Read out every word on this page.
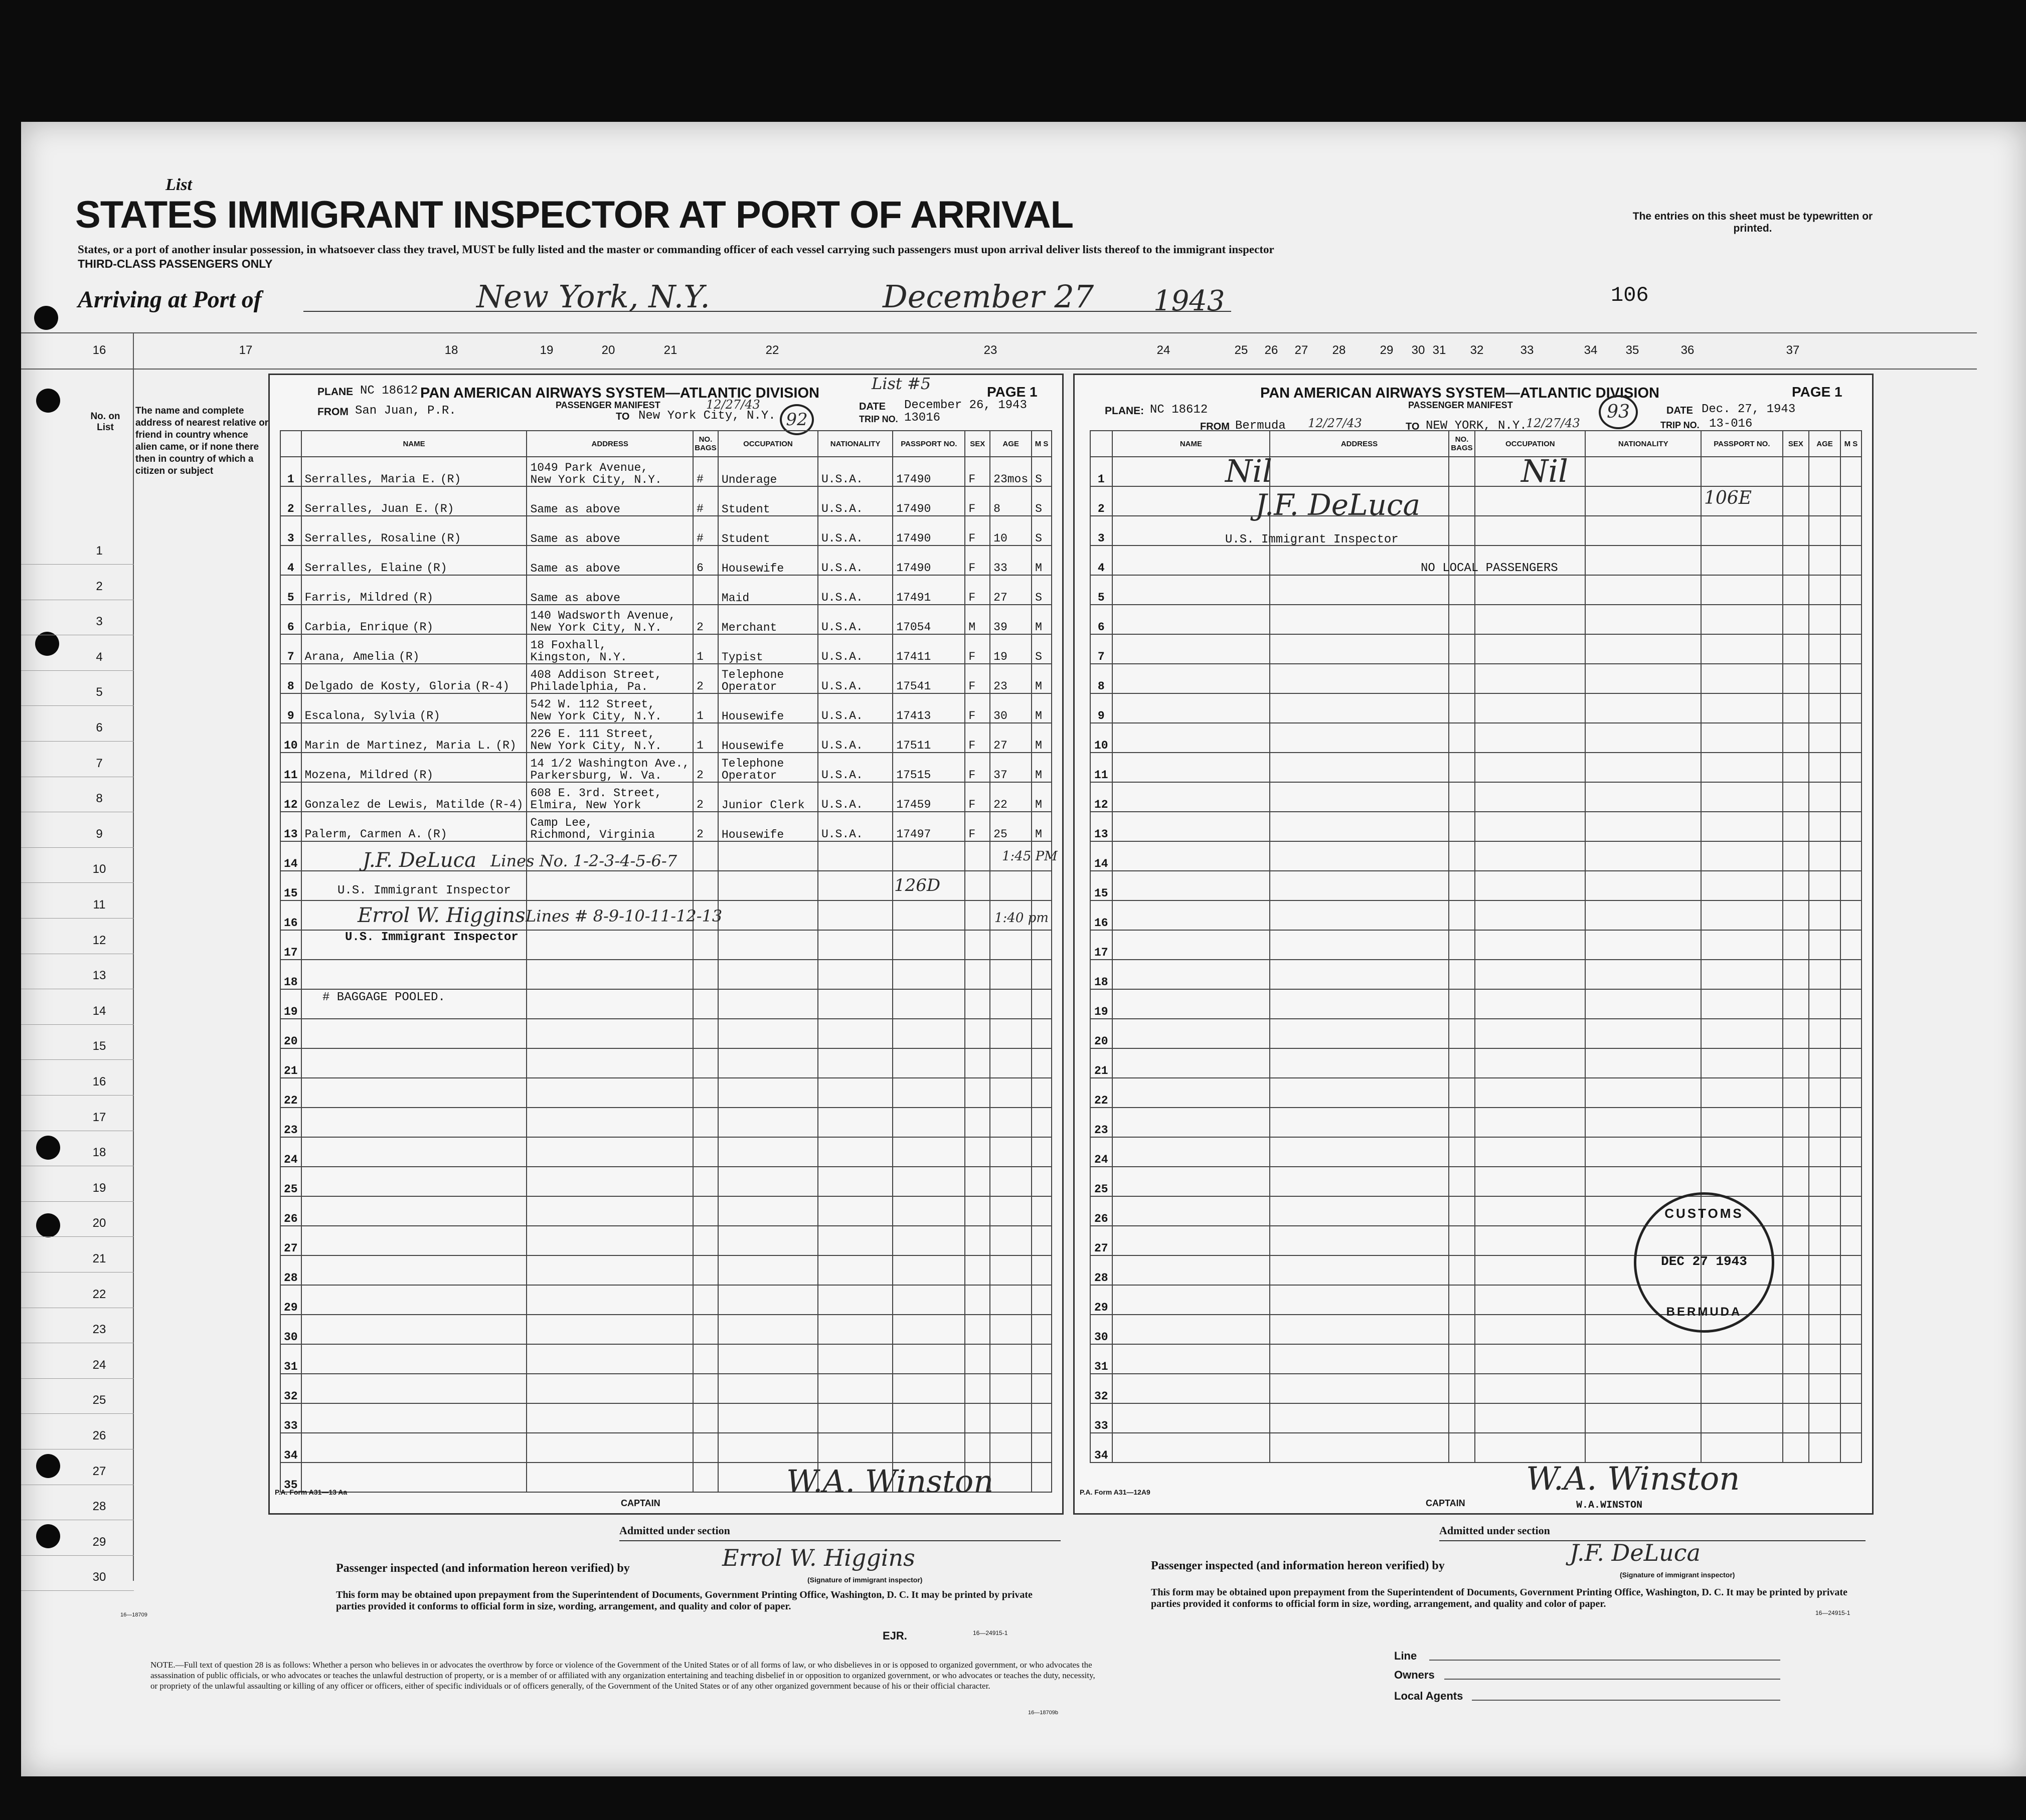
List
The entries on this sheet must be typewritten or printed.
STATES IMMIGRANT INSPECTOR AT PORT OF ARRIVAL
States, or a port of another insular possession, in whatsoever class they travel, MUST be fully listed and the master or commanding officer of each vessel carrying such passengers must upon arrival deliver lists thereof to the immigrant inspector
THIRD-CLASS PASSENGERS ONLY
Arriving at Port of	New York, N.Y.	December 27 1943	106
16	17	18	19	20	21	22	23	24	25	26	27	28	29	30 31	32	33	34	35	36	37
No. on List
The name and complete address of nearest relative or friend in country whence alien came, or if none there then in country of which a citizen or subject
1
2
3
4
5
6
7
8
9
10
11
12
13
14
15
16
17
18
19
20
21
22
23
24
25
26
27
28
29
30
PLANE NC 18612 PAN AMERICAN AIRWAYS SYSTEM—ATLANTIC DIVISION	List #5	PAGE 1
FROM San Juan, P.R.	PASSENGER MANIFEST	12/27/43
TO New York City, N.Y. 92
DATE December 26, 1943
TRIP NO. 13016
	NAME	ADDRESS	NO. BAGS	OCCUPATION	NATIONALITY	PASSPORT NO.	SEX	AGE	M S
1	Serralles, Maria E. (R)	1049 Park Avenue,
New York City, N.Y.	#	Underage	U.S.A.	17490	F	23mos	S
2	Serralles, Juan E. (R)	Same as above	#	Student	U.S.A.	17490	F	8	S
3	Serralles, Rosaline (R)	Same as above	#	Student	U.S.A.	17490	F	10	S
4	Serralles, Elaine (R)	Same as above	6	Housewife	U.S.A.	17490	F	33	M
5	Farris, Mildred (R)	Same as above		Maid	U.S.A.	17491	F	27	S
6	Carbia, Enrique (R)	140 Wadsworth Avenue,
New York City, N.Y.	2	Merchant	U.S.A.	17054	M	39	M
7	Arana, Amelia (R)	18 Foxhall,
Kingston, N.Y.	1	Typist	U.S.A.	17411	F	19	S
8	Delgado de Kosty, Gloria (R-4)	408 Addison Street,
Philadelphia, Pa.	2	Telephone Operator	U.S.A.	17541	F	23	M
9	Escalona, Sylvia (R)	542 W. 112 Street,
New York City, N.Y.	1	Housewife	U.S.A.	17413	F	30	M
10	Marin de Martinez, Maria L. (R)	226 E. 111 Street,
New York City, N.Y.	1	Housewife	U.S.A.	17511	F	27	M
11	Mozena, Mildred (R)	14 1/2 Washington Ave.,
Parkersburg, W. Va.	2	Telephone Operator	U.S.A.	17515	F	37	M
12	Gonzalez de Lewis, Matilde (R-4)	608 E. 3rd. Street,
Elmira, New York	2	Junior Clerk	U.S.A.	17459	F	22	M
13	Palerm, Carmen A. (R)	Camp Lee,
Richmond, Virginia	2	Housewife	U.S.A.	17497	F	25	M
14									
15									
16									
17									
18									
19									
20									
21									
22									
23									
24									
25									
26									
27									
28									
29									
30									
31									
32									
33									
34									
35									
J.F. DeLuca Lines No. 1-2-3-4-5-6-7	1:45 PM
U.S. Immigrant Inspector	126D
Errol W. Higgins Lines # 8-9-10-11-12-13	1:40 pm
U.S. Immigrant Inspector
# BAGGAGE POOLED.
P.A. Form A31—13 Aa
CAPTAIN
W.A. Winston
PLANE: NC 18612
PAN AMERICAN AIRWAYS SYSTEM—ATLANTIC DIVISION	PAGE 1
PASSENGER MANIFEST
FROM Bermuda 12/27/43	TO NEW YORK, N.Y.
12/27/43
93	DATE Dec. 27, 1943
TRIP NO. 13-016
	NAME	ADDRESS	NO. BAGS	OCCUPATION	NATIONALITY	PASSPORT NO.	SEX	AGE	M S
1									
2									
3									
4									
5									
6									
7									
8									
9									
10									
11									
12									
13									
14									
15									
16									
17									
18									
19									
20									
21									
22									
23									
24									
25									
26									
27									
28									
29									
30									
31									
32									
33									
34									
Nil	Nil
J.F. DeLuca
U.S. Immigrant Inspector
106E
NO LOCAL PASSENGERS
CUSTOMS
DEC 27 1943
BERMUDA
P.A. Form A31—12A9
CAPTAIN
W.A. Winston
W.A.WINSTON
Admitted under section
Passenger inspected (and information hereon verified) by	Errol W. Higgins
(Signature of immigrant inspector)
This form may be obtained upon prepayment from the Superintendent of Documents, Government Printing Office, Washington, D. C. It may be printed by private parties provided it conforms to official form in size, wording, arrangement, and quality and color of paper.
EJR.	16—24915-1
16—18709
Admitted under section
Passenger inspected (and information hereon verified) by	J.F. DeLuca
(Signature of immigrant inspector)
This form may be obtained upon prepayment from the Superintendent of Documents, Government Printing Office, Washington, D. C. It may be printed by private parties provided it conforms to official form in size, wording, arrangement, and quality and color of paper.
16—24915-1
NOTE.—Full text of question 28 is as follows: Whether a person who believes in or advocates the overthrow by force or violence of the Government of the United States or of all forms of law, or who disbelieves in or is opposed to organized government, or who advocates the assassination of public officials, or who advocates or teaches the unlawful destruction of property, or is a member of or affiliated with any organization entertaining and teaching disbelief in or opposition to organized government, or who advocates or teaches the duty, necessity, or propriety of the unlawful assaulting or killing of any officer or officers, either of specific individuals or of officers generally, of the Government of the United States or of any other organized government because of his or their official character.
16—18709b
Line
Owners
Local Agents
